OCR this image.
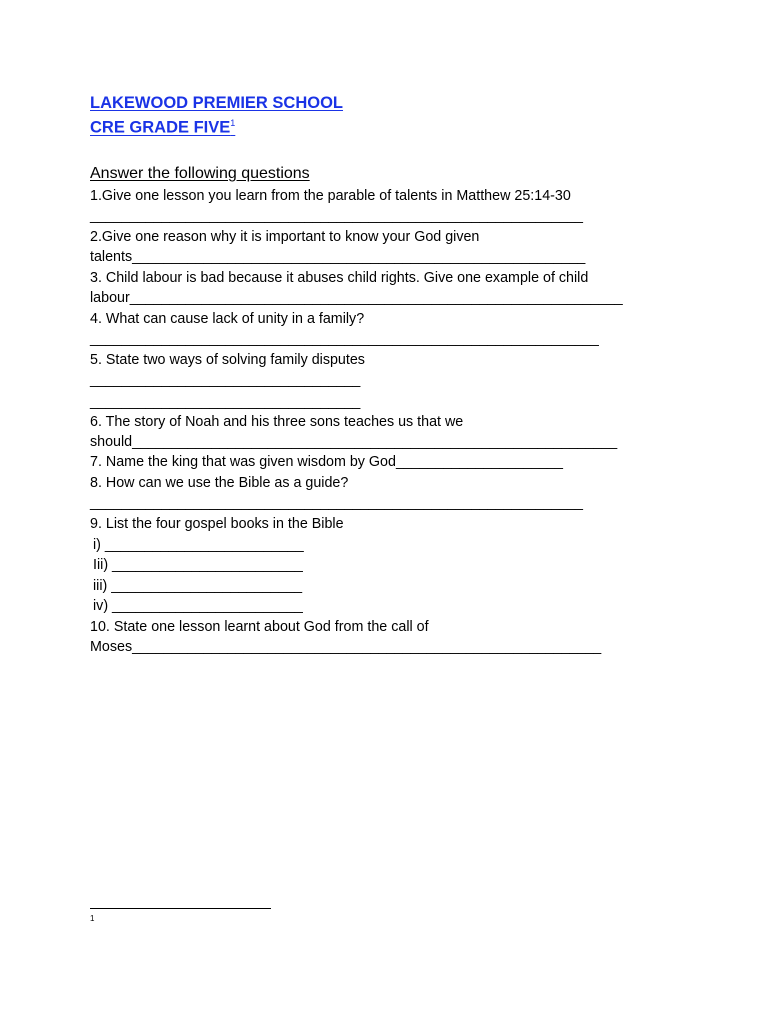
LAKEWOOD PREMIER SCHOOL
CRE GRADE FIVE$^1$
Answer the following questions
1.Give one lesson you learn from the parable of talents in Matthew 25:14-30
______________________________________________________________
2.Give one reason why it is important to know your God given
talents_________________________________________________________
3. Child labour is bad because it abuses child rights. Give one example of child
labour______________________________________________________________
4. What can cause lack of unity in a family?
________________________________________________________________
5. State two ways of solving family disputes
__________________________________
__________________________________
6. The story of Noah and his three sons teaches us that we
should_____________________________________________________________
7. Name the king that was given wisdom by God_____________________
8. How can we use the Bible as a guide?
______________________________________________________________
9. List the four gospel books in the Bible
i) _________________________
Iii) ________________________
iii) ________________________
iv) ________________________
10. State one lesson learnt about God from the call of
Moses___________________________________________________________
1
